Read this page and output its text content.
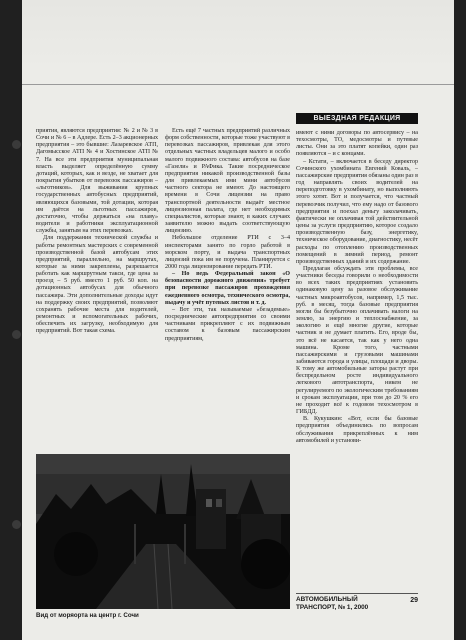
ВЫЕЗДНАЯ РЕДАКЦИЯ

приятия, являются предприятия: № 2 и № 3 в Сочи и № 6 – в Адлере. Есть 2–3 акционерных предприятия – это бывшие: Лазаревское АТП, Дагомысское АТП № 4 и Хостинское АТП № 7. На все эти предприятия муниципальная власть выделяет определённую сумму дотаций, которых, как и везде, не хватает для покрытия убытков от перевозок пассажиров – «льготников». Для выживания крупных государственных автобусных предприятий, являющихся базовыми, той дотации, которая им даётся на льготных пассажиров, достаточно, чтобы держаться «на плаву» водители и работники эксплуатационной службы, занятым на этих перевозках.

Для поддержания технической службы и работы ремонтных мастерских с современной производственной базой автобусам этих предприятий, параллельно, на маршрутах, которые за ними закреплены, разрешается работать как маршрутным такси, где цена за проезд – 5 руб. вместо 1 руб. 50 коп. на дотационных автобусах для обычного пассажира. Эти дополнительные доходы идут на поддержку своих предприятий, позволяют сохранять рабочие места для водителей, ремонтных и вспомогательных рабочих, обеспечить их загрузку, необходимую для предприятий. Вот такая схема.

Есть ещё 7 частных предприятий различных форм собственности, которые тоже участвуют в перевозках пассажиров, привлекая для этого отдельных частных владельцев малого и особо малого подвижного состава: автобусов на базе «Газели» и РАФика. Такие посредническое предприятия никакой производственной базы для привлекаемых ими мини автобусов частного сектора не имеют. До настоящего времени в Сочи лицензии на право транспортной деятельности выдаёт местное лицензионная палата, где нет необходимых специалистов, которые знают, в каких случаях заявителю можно выдать соответствующую лицензию.

Небольшое отделение РТИ с 3–4 инспекторами занято по горло работой в морском порту, и выдача транспортных лицензий пока им не поручена. Планируется с 2000 года лицензирование передать РТИ.

– Но ведь Федеральный закон «О безопасности дорожного движения» требует при перевозке пассажиров прохождения ежедневного осмотра, технического осмотра, выдачу и учёт путевых листов и т. д.

– Вот эти, так называемые «безадемые» посреднические автопредприятия со своими частниками прикрепляют с их подвижным составом к базовым пассажирским предприятиям,

имеют с ними договоры по автосервису – на техосмотры, ТО, медосмотры и путевые листы. Они за это платят копейки, один раз появляются – и с концами.

– Кстати, – включается в беседу директор Сочинского ухомбината Евгений Коваль, – пассажирские предприятия обязаны один раз в год направлять своих водителей на переподготовку в ухомбинату, но выполняють этого хотят. Вот и получается, что частный перевозчик получил, что ему надо от базового предприятия и поехал деньгу заколачивать, фактически не оплачивая той действительной цены за услуги предприятию, которое создало производственную базу, энергетику, техническое оборудование, диагностику, несёт расходы по отоплению производственных помещений в зимний период, ремонт производственных зданий и их содержание.

Предлагая обсуждать эти проблемы, все участники беседы говорили о необходимости во всех таких предприятиях установить одинаковую цену за разовое обслуживание частных микроавтобусов, например, 1,5 тыс. руб. в месяц, тогда базовые предприятия могли бы безубыточно оплачивать налоги на землю, за энергию и теплоснабжение, за экологию и ещё многие другие, которые частник и не думает платить. Его, вроде бы, это всё не касается, так как у него одна машина. Кроме того, частными пассажирскими и грузовыми машинами забиваются города и улицы, площади и дворы. К тому же автомобильные заторы растут при беспредельном росте индивидуального легкового автотранспорта, никем не регулируемого по экологическим требованиям и срокам эксплуатации, при том до 20 % его не проходит всё к годовом техосмотром в ГИБДД.

В. Кукушкин: «Вот, если бы базовые предприятия объединились по вопросам обслуживания прикреплённых к ним автомобилей и установи-

Вид от моряорта на центр г. Сочи
АВТОМОБИЛЬНЫЙ
ТРАНСПОРТ, № 1, 2000
29
